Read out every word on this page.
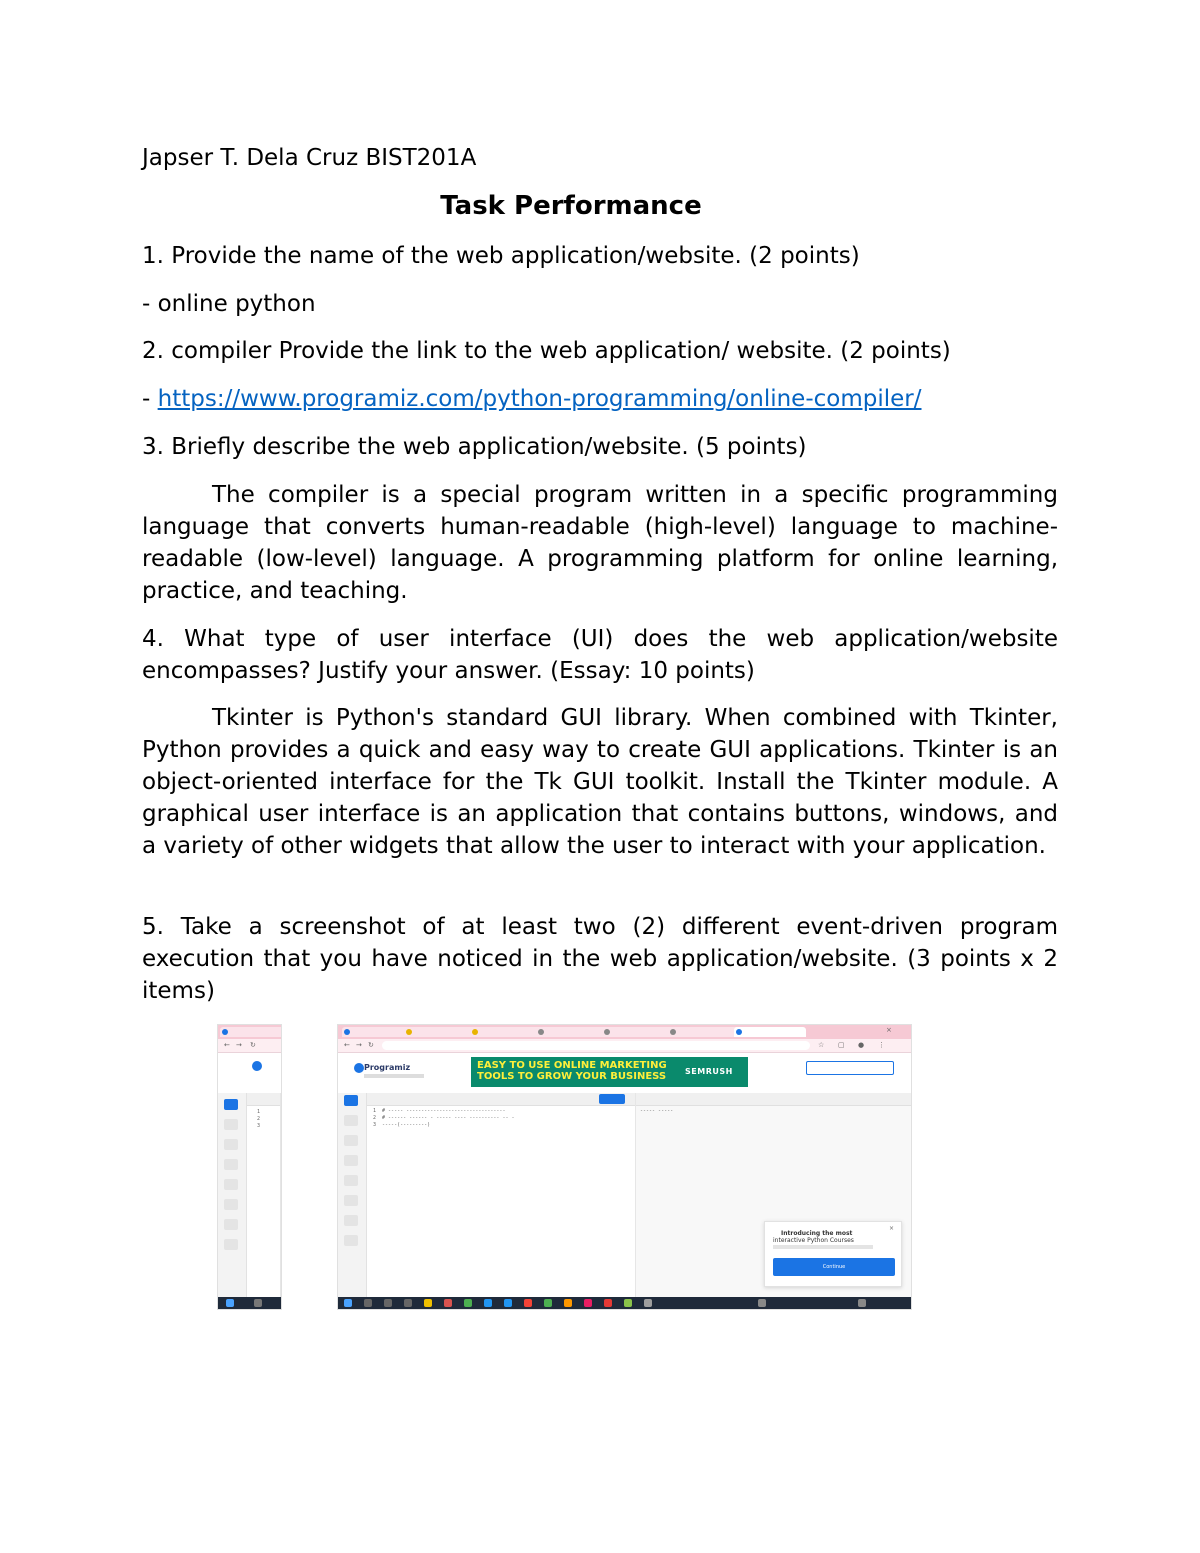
Japser T. Dela Cruz BIST201A
Task Performance
1. Provide the name of the web application/website. (2 points)
- online python
2. compiler Provide the link to the web application/ website. (2 points)
- https://www.programiz.com/python-programming/online-compiler/
3. Briefly describe the web application/website. (5 points)
The compiler is a special program written in a specific programming language that converts human-readable (high-level) language to machine-readable (low-level) language. A programming platform for online learning, practice, and teaching.
4. What type of user interface (UI) does the web application/website encompasses? Justify your answer. (Essay: 10 points)
Tkinter is Python's standard GUI library. When combined with Tkinter, Python provides a quick and easy way to create GUI applications. Tkinter is an object-oriented interface for the Tk GUI toolkit. Install the Tkinter module. A graphical user interface is an application that contains buttons, windows, and a variety of other widgets that allow the user to interact with your application.
5. Take a screenshot of at least two (2) different event-driven program execution that you have noticed in the web application/website. (3 points x 2 items)
← → ↻
1
2
3
×
← → ↻	☆ ▢ ● ⋮
Programiz	EASY TO USE ONLINE MARKETING
TOOLS TO GROW YOUR BUSINESS	SEMRUSH
1  # ----- ---------------------------------
2  # ------ ------ - ----- ---- ---------- -- -
3  -----(---------)
----- -----
Introducing the most
interactive Python Courses
×
Continue
